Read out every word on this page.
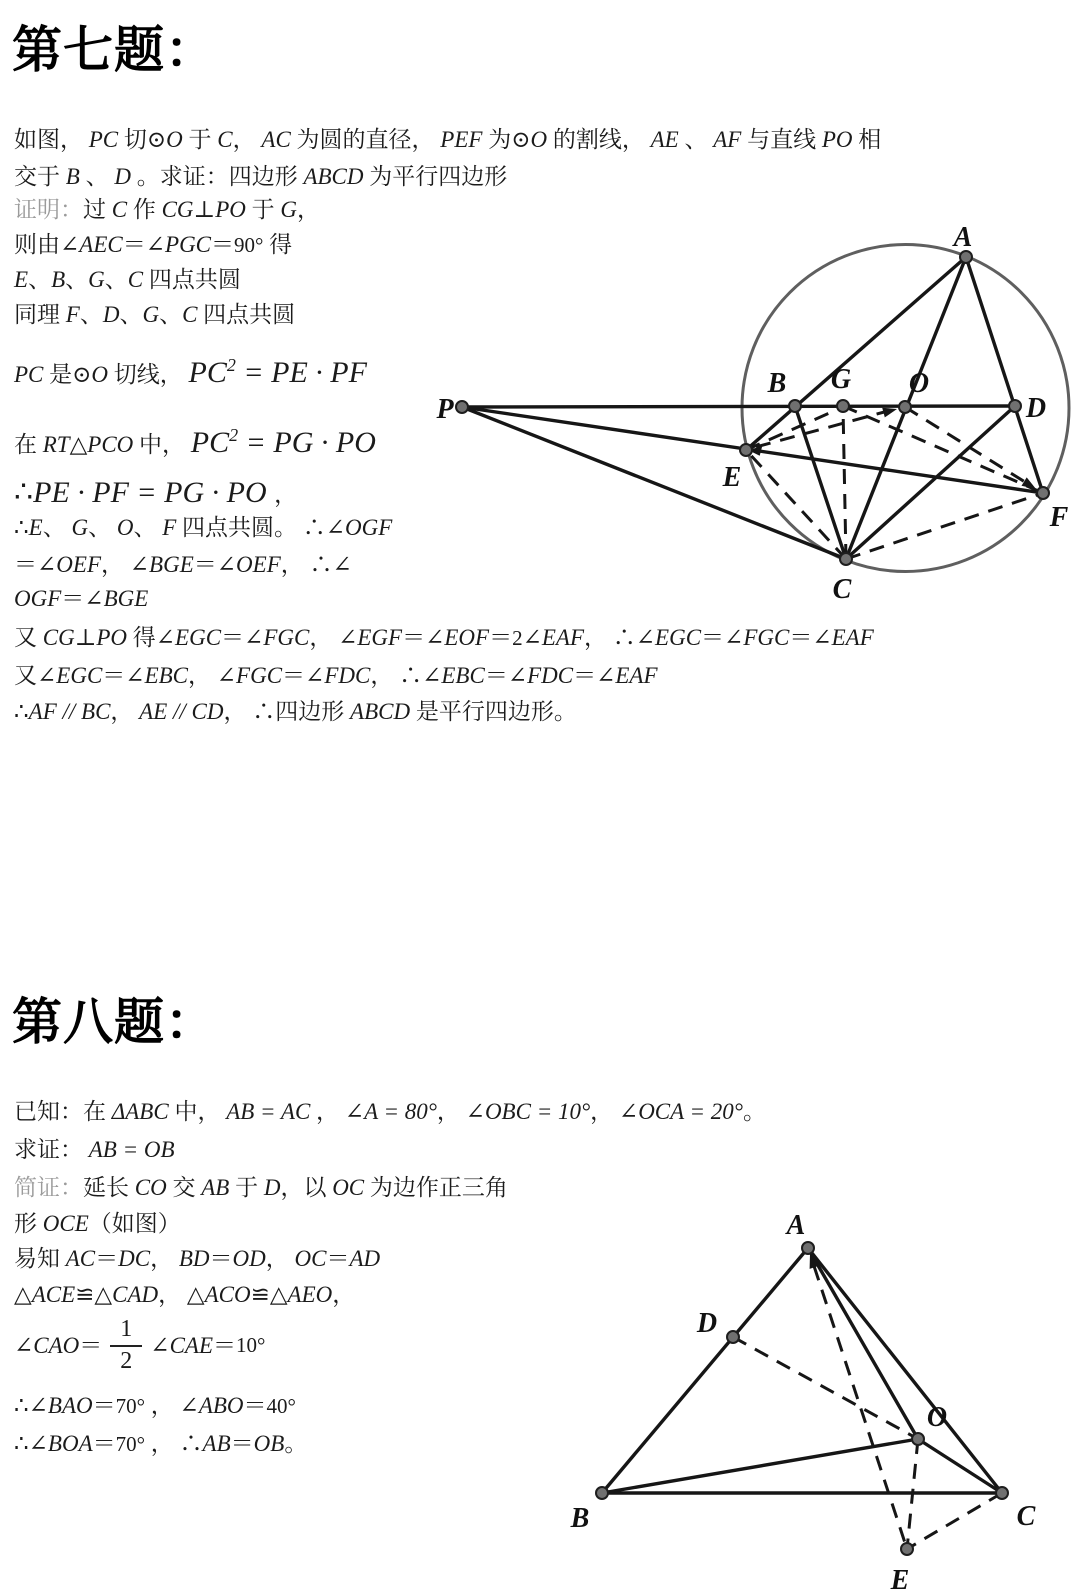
第七题：
如图， PC 切⊙O 于 C， AC 为圆的直径， PEF 为⊙O 的割线， AE 、 AF 与直线 PO 相
交于 B 、 D 。求证：四边形 ABCD 为平行四边形
证明：过 C 作 CG⊥PO 于 G，
则由∠AEC＝∠PGC＝90° 得
E、B、G、C 四点共圆
同理 F、D、G、C 四点共圆
PC 是⊙O 切线， $PC^2$ = PE · PF
在 RT△PCO 中， $PC^2$ = PG · PO
∴PE · PF = PG · PO ，
∴E、 G、 O、 F 四点共圆。 ∴∠OGF
＝∠OEF， ∠BGE＝∠OEF， ∴∠
OGF＝∠BGE
又 CG⊥PO 得∠EGC＝∠FGC， ∠EGF＝∠EOF＝2∠EAF， ∴∠EGC＝∠FGC＝∠EAF
又∠EGC＝∠EBC， ∠FGC＝∠FDC， ∴∠EBC＝∠FDC＝∠EAF
∴AF // BC， AE // CD， ∴四边形 ABCD 是平行四边形。
P
A
B G O
D
E
F
C
第八题：
已知：在 ΔABC 中， AB = AC ， ∠A = 80°， ∠OBC = 10°， ∠OCA = 20°。
求证： AB = OB
简证：延长 CO 交 AB 于 D，以 OC 为边作正三角
形 OCE（如图）
易知 AC＝DC， BD＝OD， OC＝AD
△ACE≌△CAD， △ACO≌△AEO，
∠ CAO ＝ $\frac{1}{2}$ ∠ CAE ＝ 10°
∴∠BAO＝70° ， ∠ABO＝40°
∴∠BOA＝70° ， ∴AB＝OB。
A
D
O
B	C
E
